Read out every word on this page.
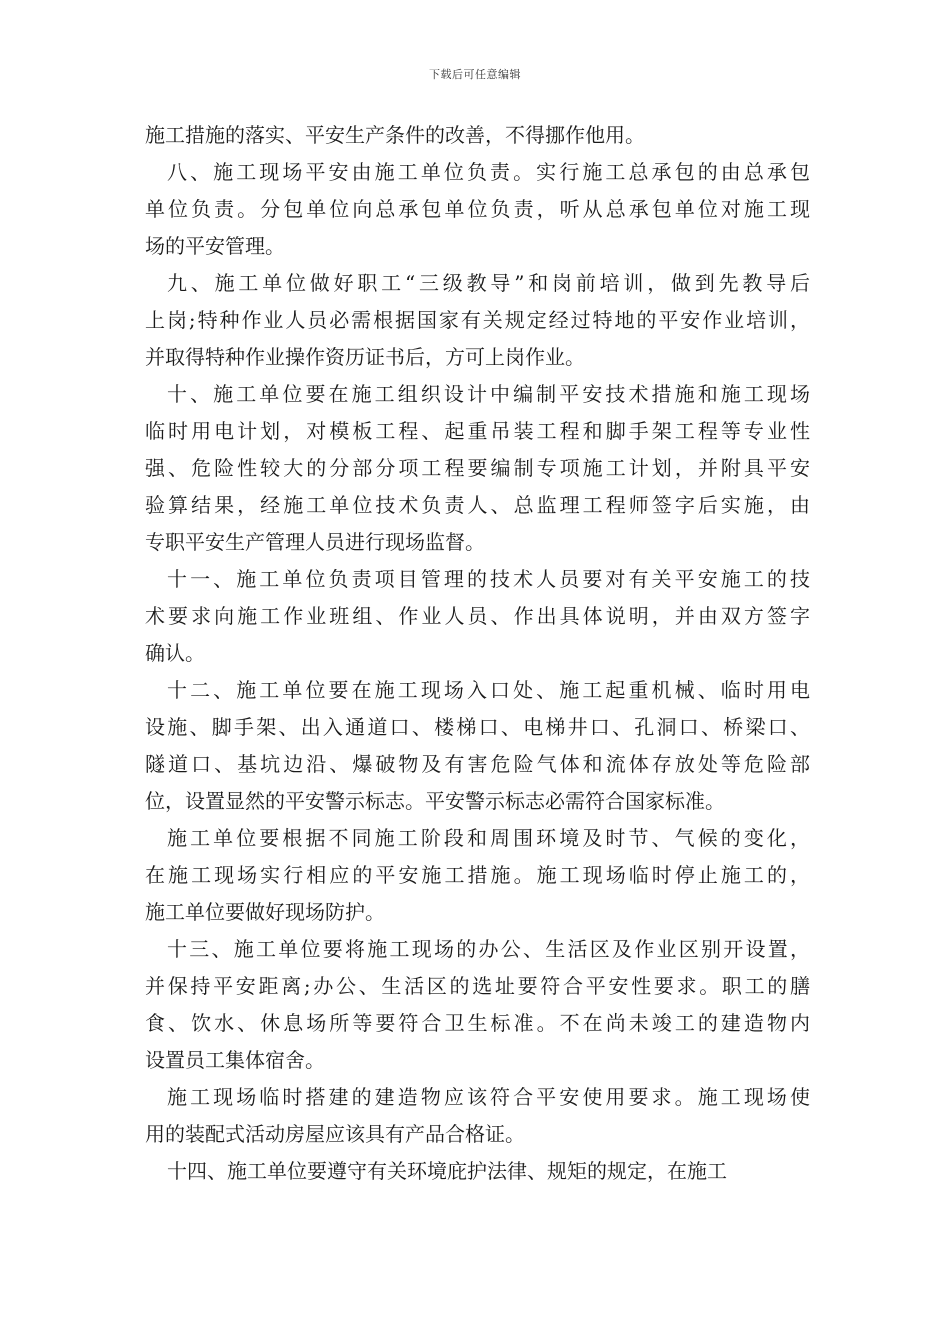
下载后可任意编辑
施工措施的落实、平安生产条件的改善，不得挪作他用。
八、施工现场平安由施工单位负责。实行施工总承包的由总承包
单位负责。分包单位向总承包单位负责，听从总承包单位对施工现
场的平安管理。
九、施工单位做好职工“三级教导”和岗前培训，做到先教导后
上岗;特种作业人员必需根据国家有关规定经过特地的平安作业培训，
并取得特种作业操作资历证书后，方可上岗作业。
十、施工单位要在施工组织设计中编制平安技术措施和施工现场
临时用电计划，对模板工程、起重吊装工程和脚手架工程等专业性
强、危险性较大的分部分项工程要编制专项施工计划，并附具平安
验算结果，经施工单位技术负责人、总监理工程师签字后实施，由
专职平安生产管理人员进行现场监督。
十一、施工单位负责项目管理的技术人员要对有关平安施工的技
术要求向施工作业班组、作业人员、作出具体说明，并由双方签字
确认。
十二、施工单位要在施工现场入口处、施工起重机械、临时用电
设施、脚手架、出入通道口、楼梯口、电梯井口、孔洞口、桥梁口、
隧道口、基坑边沿、爆破物及有害危险气体和流体存放处等危险部
位，设置显然的平安警示标志。平安警示标志必需符合国家标准。
施工单位要根据不同施工阶段和周围环境及时节、气候的变化，
在施工现场实行相应的平安施工措施。施工现场临时停止施工的，
施工单位要做好现场防护。
十三、施工单位要将施工现场的办公、生活区及作业区别开设置，
并保持平安距离;办公、生活区的选址要符合平安性要求。职工的膳
食、饮水、休息场所等要符合卫生标准。不在尚未竣工的建造物内
设置员工集体宿舍。
施工现场临时搭建的建造物应该符合平安使用要求。施工现场使
用的装配式活动房屋应该具有产品合格证。
十四、施工单位要遵守有关环境庇护法律、规矩的规定，在施工
